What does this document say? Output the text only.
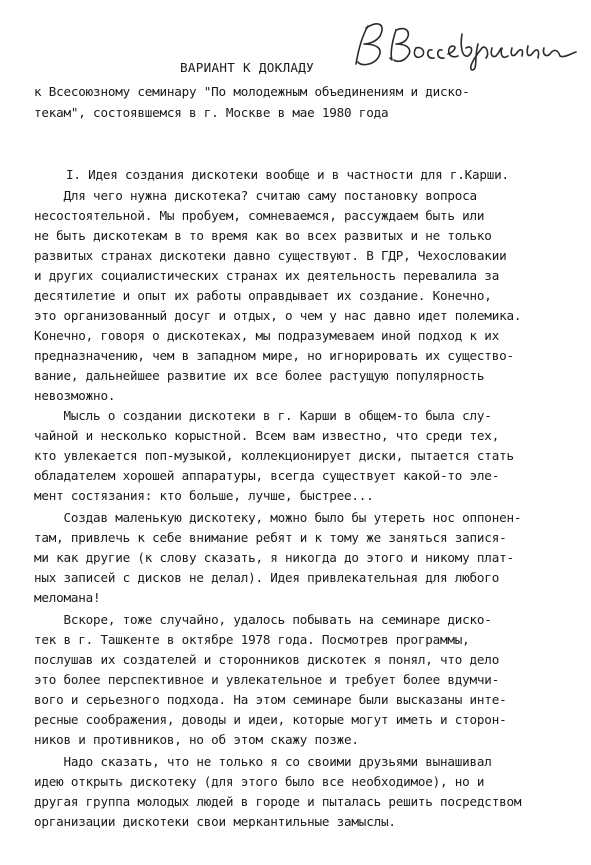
ВАРИАНТ К ДОКЛАДУ
к Всесоюзному семинару "По молодежным объединениям и диско-
текам", состоявшемся в г. Москве в мае 1980 года
I. Идея создания дискотеки вообще и в частности для г.Карши.
Для чего нужна дискотека? считаю саму постановку вопроса
несостоятельной. Мы пробуем, сомневаемся, рассуждаем быть или
не быть дискотекам в то время как во всех развитых и не только
развитых странах дискотеки давно существуют. В ГДР, Чехословакии
и других социалистических странах их деятельность перевалила за
десятилетие и опыт их работы оправдывает их создание. Конечно,
это организованный досуг и отдых, о чем у нас давно идет полемика.
Конечно, говоря о дискотеках, мы подразумеваем иной подход к их
предназначению, чем в западном мире, но игнорировать их существо-
вание, дальнейшее развитие их все более растущую популярность
невозможно.
Мысль о создании дискотеки в г. Карши в общем-то была слу-
чайной и несколько корыстной. Всем вам известно, что среди тех,
кто увлекается поп-музыкой, коллекционирует диски, пытается стать
обладателем хорошей аппаратуры, всегда существует какой-то эле-
мент состязания: кто больше, лучше, быстрее...
Создав маленькую дискотеку, можно было бы утереть нос оппонен-
там, привлечь к себе внимание ребят и к тому же заняться запися-
ми как другие (к слову сказать, я никогда до этого и никому плат-
ных записей с дисков не делал). Идея привлекательная для любого
меломана!
Вскоре, тоже случайно, удалось побывать на семинаре диско-
тек в г. Ташкенте в октябре 1978 года. Посмотрев программы,
послушав их создателей и сторонников дискотек я понял, что дело
это более перспективное и увлекательное и требует более вдумчи-
вого и серьезного подхода. На этом семинаре были высказаны инте-
ресные соображения, доводы и идеи, которые могут иметь и сторон-
ников и противников, но об этом скажу позже.
Надо сказать, что не только я со своими друзьями вынашивал
идею открыть дискотеку (для этого было все необходимое), но и
другая группа молодых людей в городе и пыталась решить посредством
организации дискотеки свои меркантильные замыслы.
